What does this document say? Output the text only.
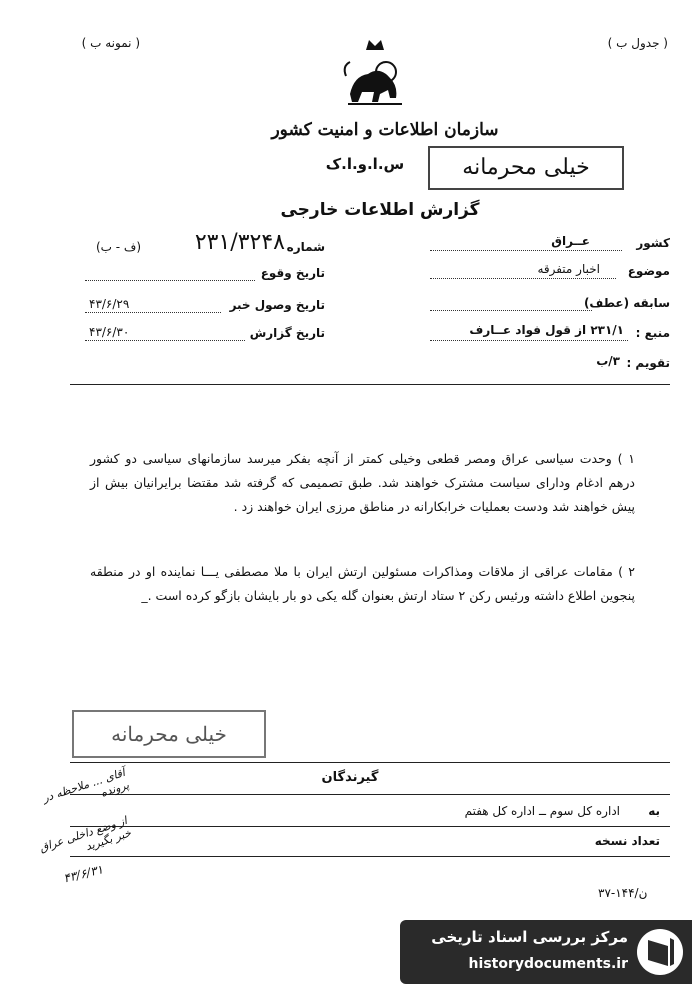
( نمونه ب )	( جدول ب )
سازمان اطلاعات و امنیت کشور
س.ا.و.ا.ک	خیلی محرمانه
گزارش اطلاعات خارجی
کشور
عــراق
موضوع
اخبار متفرقه
سابقه (عطف)
منبع :
۲۳۱/۱ از قول فواد عــارف
تقویم :
۳/ب
شماره
۲۳۱/۳۲۴۸
(ف - ب)
تاریخ وقوع
تاریخ وصول خبر
۴۳/۶/۲۹
تاریخ گزارش
۴۳/۶/۳۰
۱ ) وحدت سیاسی عراق ومصر قطعی وخیلی کمتر از آنچه بفکر میرسد سازمانهای سیاسی دو کشور درهم ادغام ودارای سیاست مشترک خواهند شد. طبق تصمیمی که گرفته شد مقتضا برایرانیان بیش از پیش خواهند شد ودست بعملیات خرابکارانه در مناطق مرزی ایران خواهند زد .
۲ ) مقامات عراقی از ملاقات ومذاکرات مسئولین ارتش ایران با ملا مصطفی یـــا نماینده او در منطقه پنجوین اطلاع داشته ورئیس رکن ۲ ستاد ارتش بعنوان گله یکی دو بار بایشان بازگو کرده است ._
خیلی محرمانه
گیرندگان
به
اداره کل سوم ــ اداره کل هفتم
تعداد نسخه
آقای ... ملاحظه در پرونده
از وضع داخلی عراق خبر بگیرید
۴۳/۶/۳۱
۳۷-۱۴۴/ن
مرکز بررسی اسناد تاریخی
historydocuments.ir
